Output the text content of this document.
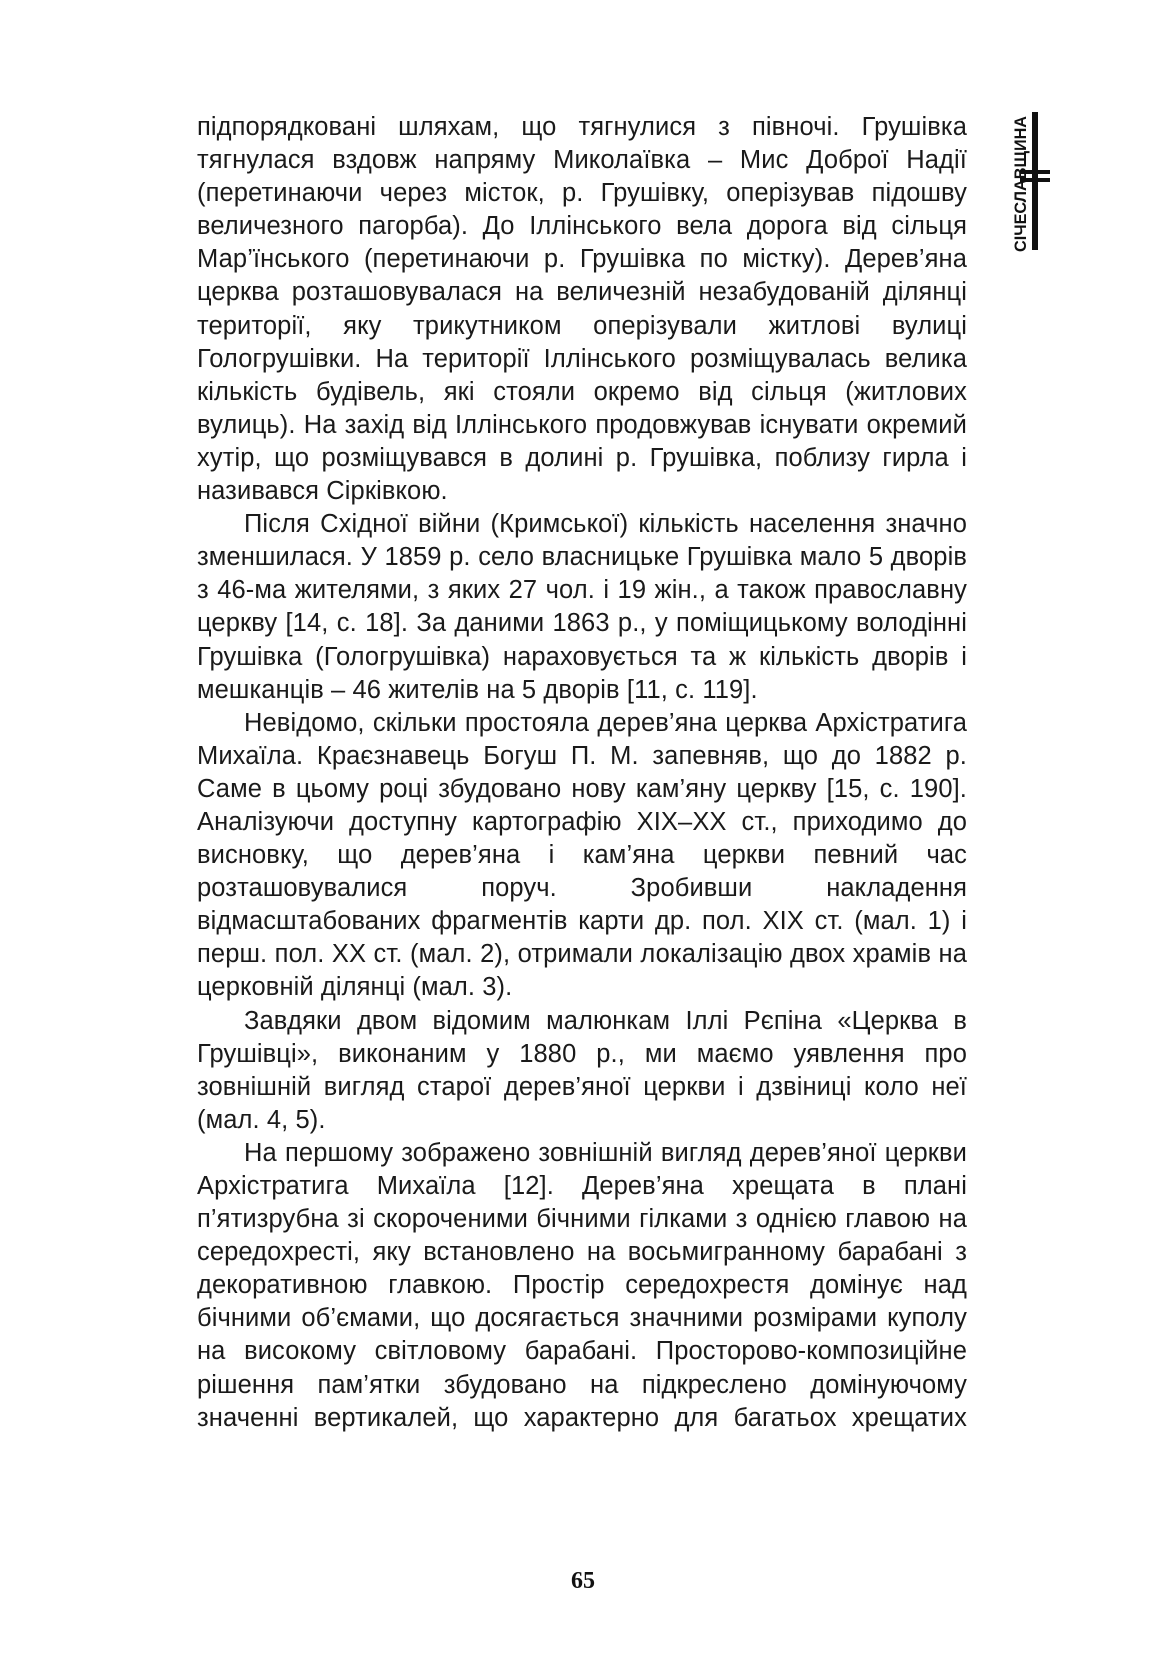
підпорядковані шляхам, що тягнулися з півночі. Грушівка тягнулася вздовж напряму Миколаївка – Мис Доброї Надії (перетинаючи через місток, р. Грушівку, оперізував підошву величезного пагорба). До Іллінського вела дорога від сільця Мар’їнського (перетинаючи р. Грушівка по містку). Дерев’яна церква розташовувалася на величезній незабудованій ділянці території, яку трикутником оперізували житлові вулиці Гологрушівки. На території Іллінського розміщувалась велика кількість будівель, які стояли окремо від сільця (житлових вулиць). На захід від Іллінського продовжував існувати окремий хутір, що розміщувався в долині р. Грушівка, поблизу гирла і називався Сірківкою.

Після Східної війни (Кримської) кількість населення значно зменшилася. У 1859 р. село власницьке Грушівка мало 5 дворів з 46-ма жителями, з яких 27 чол. і 19 жін., а також православну церкву [14, с. 18]. За даними 1863 р., у поміщицькому володінні Грушівка (Гологрушівка) нараховується та ж кількість дворів і мешканців – 46 жителів на 5 дворів [11, с. 119].

Невідомо, скільки простояла дерев’яна церква Архістратига Михаїла. Краєзнавець Богуш П. М. запевняв, що до 1882 р. Саме в цьому році збудовано нову кам’яну церкву [15, с. 190]. Аналізуючи доступну картографію XIX–XX ст., приходимо до висновку, що дерев’яна і кам’яна церкви певний час розташовувалися поруч. Зробивши накладення відмасштабованих фрагментів карти др. пол. XIX ст. (мал. 1) і перш. пол. XX ст. (мал. 2), отримали локалізацію двох храмів на церковній ділянці (мал. 3).

Завдяки двом відомим малюнкам Іллі Рєпіна «Церква в Грушівці», виконаним у 1880 р., ми маємо уявлення про зовнішній вигляд старої дерев’яної церкви і дзвіниці коло неї (мал. 4, 5).

На першому зображено зовнішній вигляд дерев’яної церкви Архістратига Михаїла [12]. Дерев’яна хрещата в плані п’ятизрубна зі скороченими бічними гілками з однією главою на середохресті, яку встановлено на восьмигранному барабані з декоративною главкою. Простір середохрестя домінує над бічними об’ємами, що досягається значними розмірами куполу на високому світловому барабані. Просторово-композиційне рішення пам’ятки збудовано на підкреслено домінуючому значенні вертикалей, що характерно для багатьох хрещатих

СІЧЕСЛАВЩИНА
65
